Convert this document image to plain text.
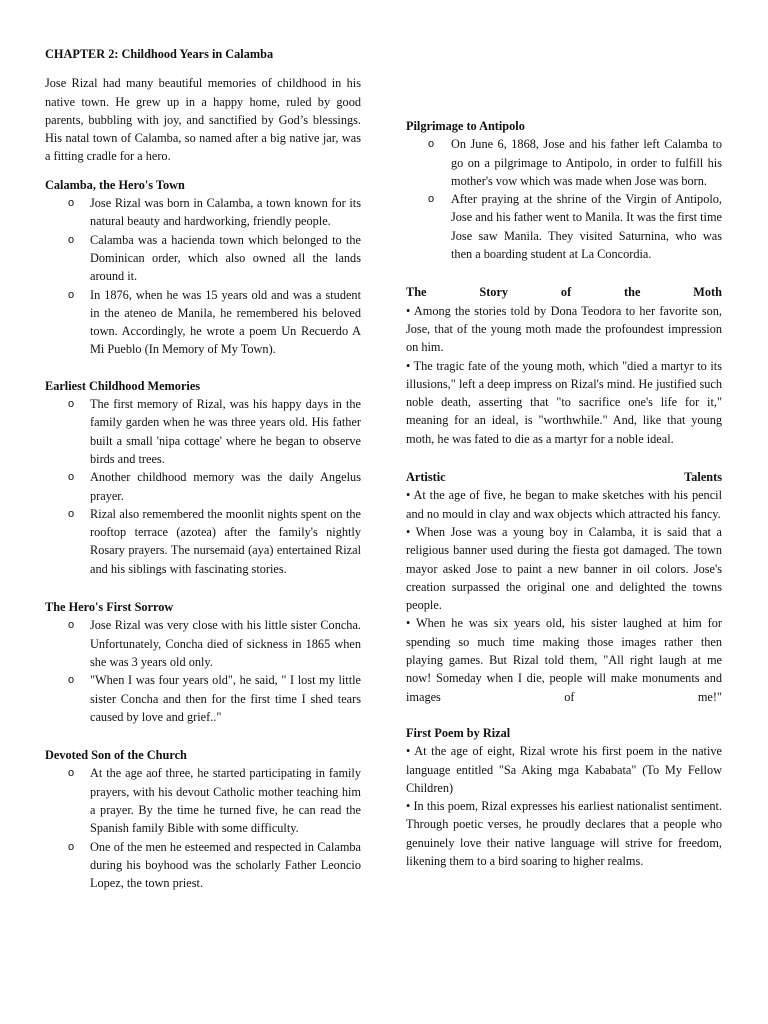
CHAPTER 2: Childhood Years in Calamba

Jose Rizal had many beautiful memories of childhood in his native town. He grew up in a happy home, ruled by good parents, bubbling with joy, and sanctified by God’s blessings. His natal town of Calamba, so named after a big native jar, was a fitting cradle for a hero.

Calamba, the Hero's Town
o Jose Rizal was born in Calamba, a town known for its natural beauty and hardworking, friendly people.
o Calamba was a hacienda town which belonged to the Dominican order, which also owned all the lands around it.
o In 1876, when he was 15 years old and was a student in the ateneo de Manila, he remembered his beloved town. Accordingly, he wrote a poem Un Recuerdo A Mi Pueblo (In Memory of My Town).
Earliest Childhood Memories
o The first memory of Rizal, was his happy days in the family garden when he was three years old. His father built a small 'nipa cottage' where he began to observe birds and trees.
o Another childhood memory was the daily Angelus prayer.
o Rizal also remembered the moonlit nights spent on the rooftop terrace (azotea) after the family's nightly Rosary prayers. The nursemaid (aya) entertained Rizal and his siblings with fascinating stories.
The Hero's First Sorrow
o Jose Rizal was very close with his little sister Concha. Unfortunately, Concha died of sickness in 1865 when she was 3 years old only.
o "When I was four years old", he said, " I lost my little sister Concha and then for the first time I shed tears caused by love and grief.."
Devoted Son of the Church
o At the age aof three, he started participating in family prayers, with his devout Catholic mother teaching him a prayer. By the time he turned five, he can read the Spanish family Bible with some difficulty.
o One of the men he esteemed and respected in Calamba during his boyhood was the scholarly Father Leoncio Lopez, the town priest.
Pilgrimage to Antipolo
o On June 6, 1868, Jose and his father left Calamba to go on a pilgrimage to Antipolo, in order to fulfill his mother's vow which was made when Jose was born.
o After praying at the shrine of the Virgin of Antipolo, Jose and his father went to Manila. It was the first time Jose saw Manila. They visited Saturnina, who was then a boarding student at La Concordia.
The Story of the Moth

• Among the stories told by Dona Teodora to her favorite son, Jose, that of the young moth made the profoundest impression on him.

• The tragic fate of the young moth, which "died a martyr to its illusions," left a deep impress on Rizal's mind. He justified such noble death, asserting that "to sacrifice one's life for it," meaning for an ideal, is "worthwhile." And, like that young moth, he was fated to die as a martyr for a noble ideal.

Artistic Talents

• At the age of five, he began to make sketches with his pencil and no mould in clay and wax objects which attracted his fancy.

• When Jose was a young boy in Calamba, it is said that a religious banner used during the fiesta got damaged. The town mayor asked Jose to paint a new banner in oil colors. Jose's creation surpassed the original one and delighted the towns people.

• When he was six years old, his sister laughed at him for spending so much time making those images rather then playing games. But Rizal told them, "All right laugh at me now! Someday when I die, people will make monuments and images of me!"

First Poem by Rizal

• At the age of eight, Rizal wrote his first poem in the native language entitled "Sa Aking mga Kababata" (To My Fellow Children)

• In this poem, Rizal expresses his earliest nationalist sentiment. Through poetic verses, he proudly declares that a people who genuinely love their native language will strive for freedom, likening them to a bird soaring to higher realms.
